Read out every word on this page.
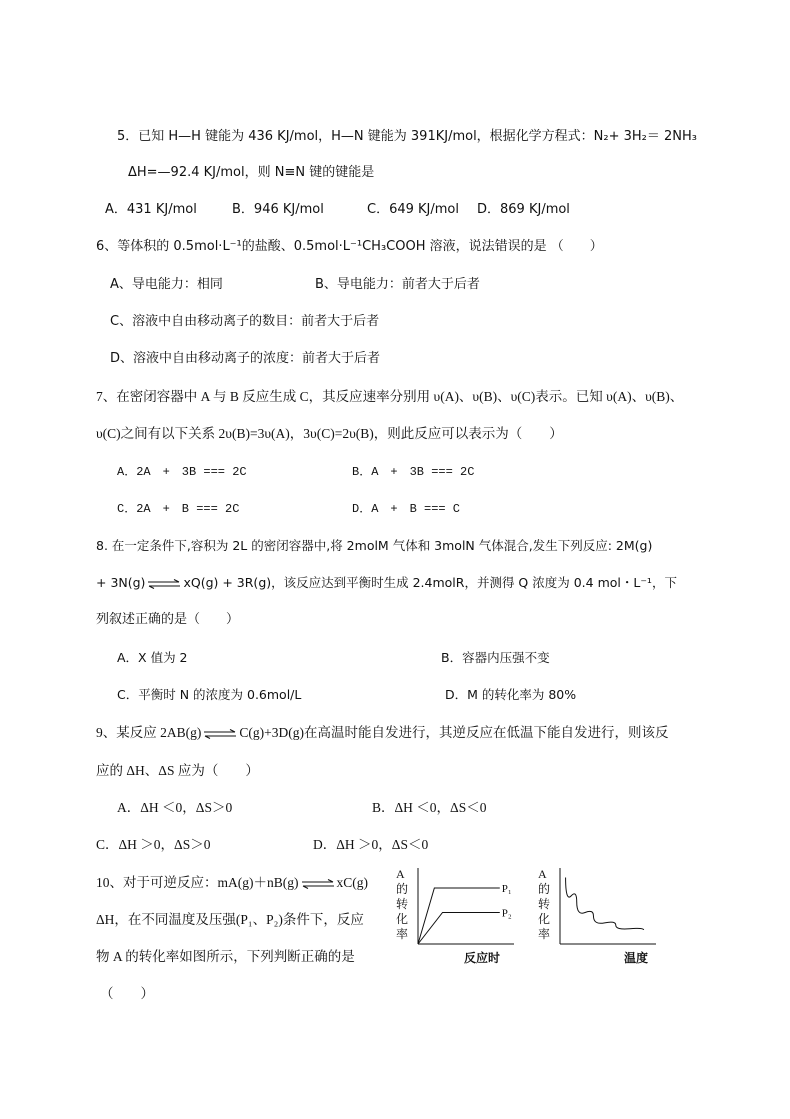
5．已知 H—H 键能为 436 KJ/mol，H—N 键能为 391KJ/mol，根据化学方程式：N₂+ 3H₂＝ 2NH₃
ΔH=—92.4 KJ/mol，则 N≡N 键的键能是
A．431 KJ/mol	B．946 KJ/mol	C．649 KJ/mol D．869 KJ/mol
6、等体积的 0.5mol·L⁻¹的盐酸、0.5mol·L⁻¹CH₃COOH 溶液，说法错误的是 （　　）
A、导电能力：相同	B、导电能力：前者大于后者
C、溶液中自由移动离子的数目：前者大于后者
D、溶液中自由移动离子的浓度：前者大于后者
7、在密闭容器中 A 与 B 反应生成 C，其反应速率分别用 υ(A)、υ(B)、υ(C)表示。已知 υ(A)、υ(B)、
υ(C)之间有以下关系 2υ(B)=3υ(A)，3υ(C)=2υ(B)，则此反应可以表示为（　　）
A．2A　+　3B === 2C	B．A　+　3B === 2C
C．2A　+　B === 2C	D．A　+　B === C
8. 在一定条件下,容积为 2L 的密闭容器中,将 2molM 气体和 3molN 气体混合,发生下列反应: 2M(g)
+ 3N(g) ⇌ xQ(g) + 3R(g)，该反应达到平衡时生成 2.4molR，并测得 Q 浓度为 0.4 mol・L⁻¹，下
列叙述正确的是（　　）
A．X 值为 2	B．容器内压强不变
C．平衡时 N 的浓度为 0.6mol/L	D．M 的转化率为 80%
9、某反应 2AB(g) ⇌ C(g)+3D(g)在高温时能自发进行，其逆反应在低温下能自发进行，则该反
应的 ΔH、ΔS 应为（　　）
A．ΔH ＜0，ΔS＞0	B．ΔH ＜0，ΔS＜0
C．ΔH ＞0，ΔS＞0	D．ΔH ＞0，ΔS＜0
10、对于可逆反应：mA(g)＋nB(g) ⇌ xC(g)
ΔH，在不同温度及压强(P₁、P₂)条件下，反应
物 A 的转化率如图所示，下列判断正确的是
（　　）
A
的
转
化
率
反应时
P₁
P₂
A
的
转
化
率
温度
